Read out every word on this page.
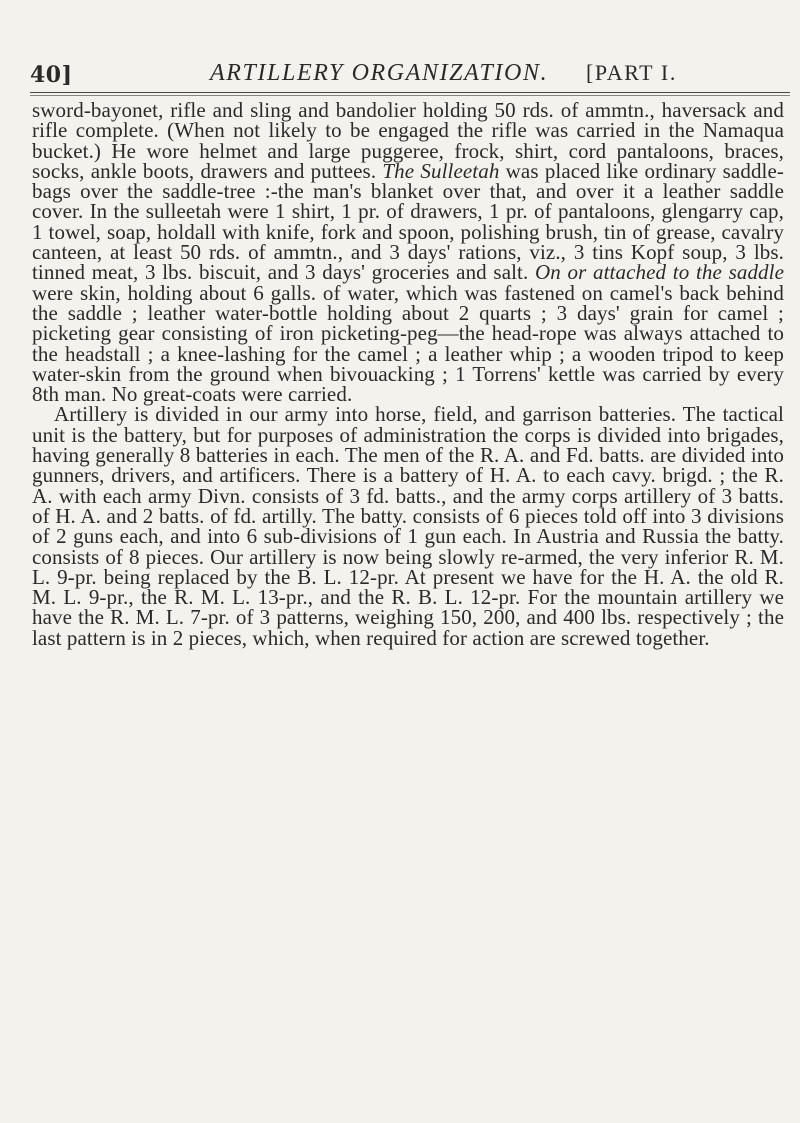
40]	ARTILLERY ORGANIZATION. [PART I.

sword-bayonet, rifle and sling and bandolier holding 50 rds. of ammtn., haversack and rifle complete. (When not likely to be engaged the rifle was carried in the Namaqua bucket.) He wore helmet and large puggeree, frock, shirt, cord pantaloons, braces, socks, ankle boots, drawers and puttees. The Sulleetah was placed like ordinary saddle-bags over the saddle-tree :-the man's blanket over that, and over it a leather saddle cover. In the sulleetah were 1 shirt, 1 pr. of drawers, 1 pr. of pantaloons, glengarry cap, 1 towel, soap, holdall with knife, fork and spoon, polishing brush, tin of grease, cavalry canteen, at least 50 rds. of ammtn., and 3 days' rations, viz., 3 tins Kopf soup, 3 lbs. tinned meat, 3 lbs. biscuit, and 3 days' groceries and salt. On or attached to the saddle were skin, holding about 6 galls. of water, which was fastened on camel's back behind the saddle ; leather water-bottle holding about 2 quarts ; 3 days' grain for camel ; picketing gear consisting of iron picketing-peg—the head-rope was always attached to the headstall ; a knee-lashing for the camel ; a leather whip ; a wooden tripod to keep water-skin from the ground when bivouacking ; 1 Torrens' kettle was carried by every 8th man. No great-coats were carried.

Artillery is divided in our army into horse, field, and garrison batteries. The tactical unit is the battery, but for purposes of administration the corps is divided into brigades, having generally 8 batteries in each. The men of the R. A. and Fd. batts. are divided into gunners, drivers, and artificers. There is a battery of H. A. to each cavy. brigd. ; the R. A. with each army Divn. consists of 3 fd. batts., and the army corps artillery of 3 batts. of H. A. and 2 batts. of fd. artilly. The batty. consists of 6 pieces told off into 3 divisions of 2 guns each, and into 6 sub-divisions of 1 gun each. In Austria and Russia the batty. consists of 8 pieces. Our artillery is now being slowly re-armed, the very inferior R. M. L. 9-pr. being replaced by the B. L. 12-pr. At present we have for the H. A. the old R. M. L. 9-pr., the R. M. L. 13-pr., and the R. B. L. 12-pr. For the mountain artillery we have the R. M. L. 7-pr. of 3 patterns, weighing 150, 200, and 400 lbs. respectively ; the last pattern is in 2 pieces, which, when required for action are screwed together.
